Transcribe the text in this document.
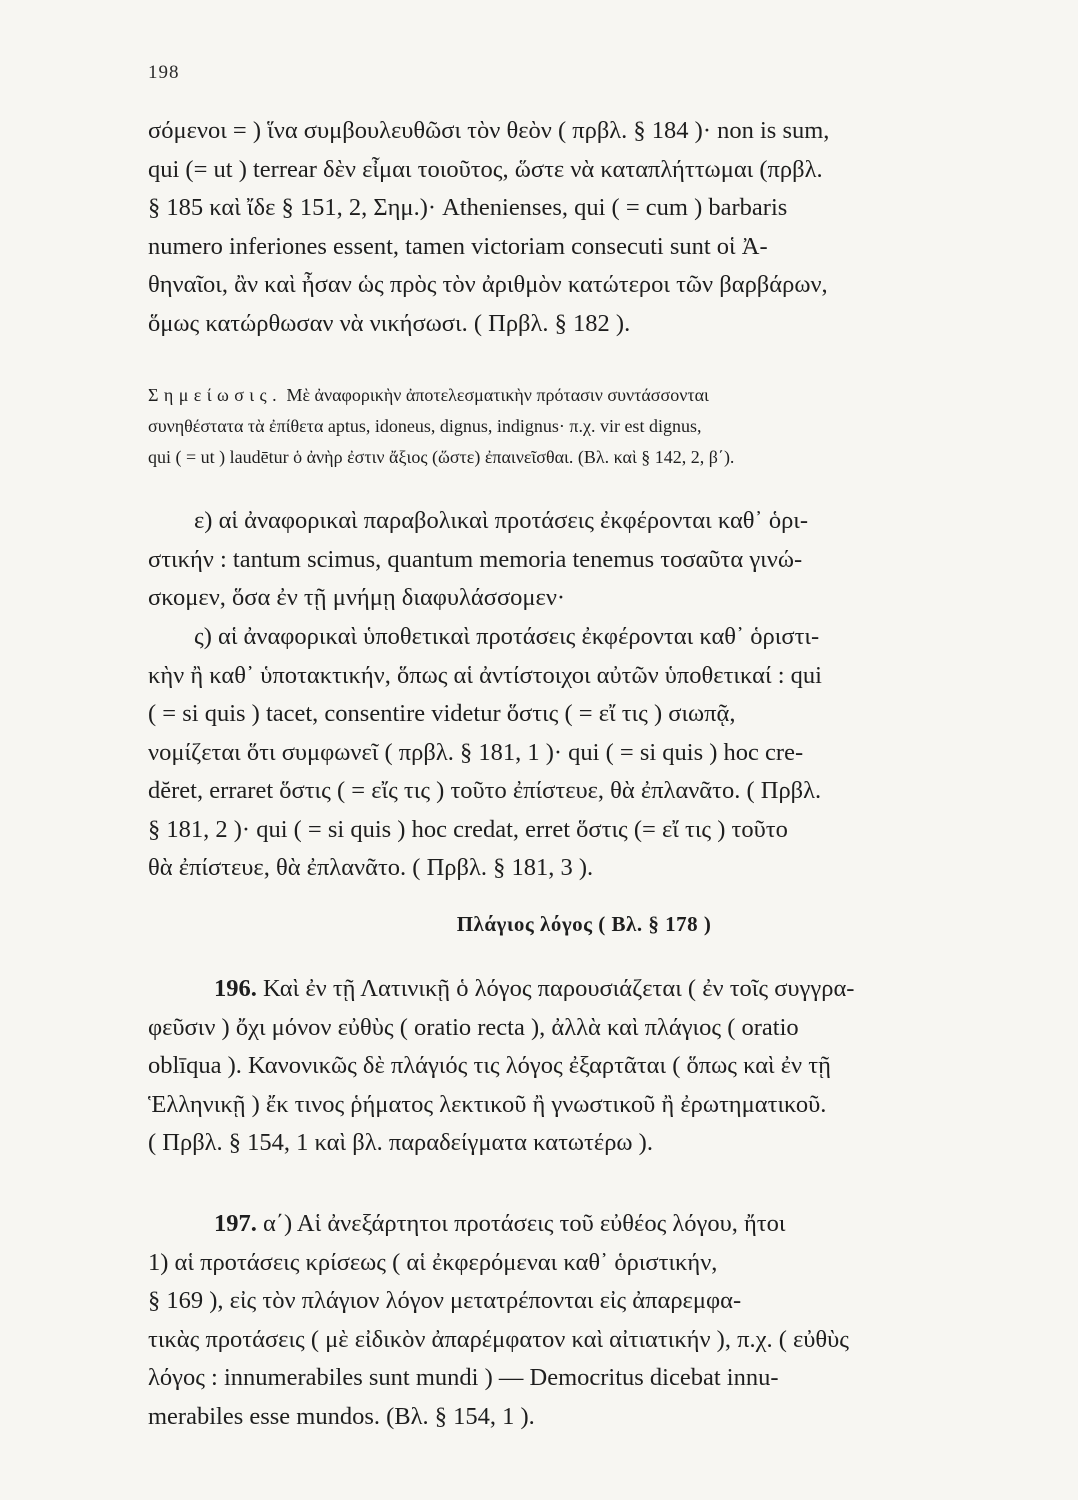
198
σόμενοι = ) ἵνα συμβουλευθῶσι τὸν θεὸν ( πρβλ. § 184 )· non is sum,
qui (= ut ) terrear δὲν εἶμαι τοιοῦτος, ὥστε νὰ καταπλήττωμαι (πρβλ.
§ 185 καὶ ἴδε § 151, 2, Σημ.)· Athenienses, qui ( = cum ) barbaris
numero inferiones essent, tamen victoriam consecuti sunt οἱ Ἀ-
θηναῖοι, ἂν καὶ ἦσαν ὡς πρὸς τὸν ἀριθμὸν κατώτεροι τῶν βαρβάρων,
ὅμως κατώρθωσαν νὰ νικήσωσι. ( Πρβλ. § 182 ).
Σημείωσις. Μὲ ἀναφορικὴν ἀποτελεσματικὴν πρότασιν συντάσσονται
συνηθέστατα τὰ ἐπίθετα aptus, idoneus, dignus, indignus· π.χ. vir est dignus,
qui ( = ut ) laudētur ὁ ἀνὴρ ἐστιν ἄξιος (ὥστε) ἐπαινεῖσθαι. (Βλ. καὶ § 142, 2, β΄).
ε) αἱ ἀναφορικαὶ παραβολικαὶ προτάσεις ἐκφέρονται καθ᾽ ὁρι-
στικήν : tantum scimus, quantum memoria tenemus τοσαῦτα γινώ-
σκομεν, ὅσα ἐν τῇ μνήμῃ διαφυλάσσομεν·
ς) αἱ ἀναφορικαὶ ὑποθετικαὶ προτάσεις ἐκφέρονται καθ᾽ ὁριστι-
κὴν ἢ καθ᾽ ὑποτακτικήν, ὅπως αἱ ἀντίστοιχοι αὐτῶν ὑποθετικαί : qui
( = si quis ) tacet, consentire videtur ὅστις ( = εἴ τις ) σιωπᾷ,
νομίζεται ὅτι συμφωνεῖ ( πρβλ. § 181, 1 )· qui ( = si quis ) hoc cre-
dĕret, erraret ὅστις ( = εἴς τις ) τοῦτο ἐπίστευε, θὰ ἐπλανᾶτο. ( Πρβλ.
§ 181, 2 )· qui ( = si quis ) hoc credat, erret ὅστις (= εἴ τις ) τοῦτο
θὰ ἐπίστευε, θὰ ἐπλανᾶτο. ( Πρβλ. § 181, 3 ).
Πλάγιος λόγος ( Βλ. § 178 )
196. Καὶ ἐν τῇ Λατινικῇ ὁ λόγος παρουσιάζεται ( ἐν τοῖς συγγρα-
φεῦσιν ) ὄχι μόνον εὐθὺς ( oratio recta ), ἀλλὰ καὶ πλάγιος ( oratio
oblīqua ). Κανονικῶς δὲ πλάγιός τις λόγος ἐξαρτᾶται ( ὅπως καὶ ἐν τῇ
Ἑλληνικῇ ) ἔκ τινος ῥήματος λεκτικοῦ ἢ γνωστικοῦ ἢ ἐρωτηματικοῦ.
( Πρβλ. § 154, 1 καὶ βλ. παραδείγματα κατωτέρω ).
197. α΄) Αἱ ἀνεξάρτητοι προτάσεις τοῦ εὐθέος λόγου, ἤτοι
1) αἱ προτάσεις κρίσεως ( αἱ ἐκφερόμεναι καθ᾽ ὁριστικήν,
§ 169 ), εἰς τὸν πλάγιον λόγον μετατρέπονται εἰς ἀπαρεμφα-
τικὰς προτάσεις ( μὲ εἰδικὸν ἀπαρέμφατον καὶ αἰτιατικήν ), π.χ. ( εὐθὺς
λόγος : innumerabiles sunt mundi ) — Democritus dicebat innu-
merabiles esse mundos. (Βλ. § 154, 1 ).
